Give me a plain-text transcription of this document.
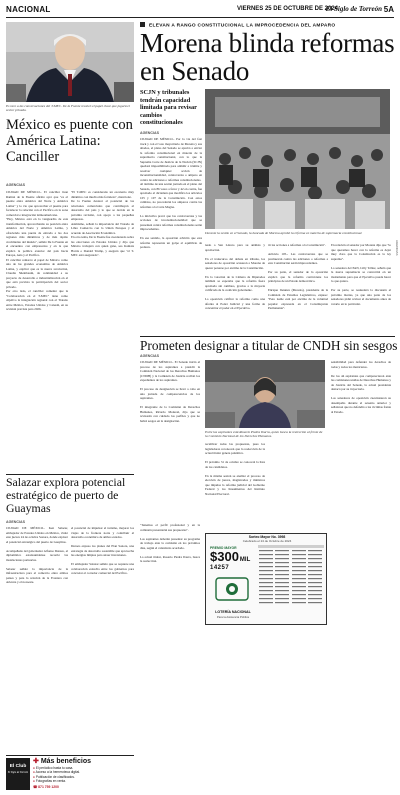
NACIONAL	VIERNES 25 DE OCTUBRE DE 2024
El Siglo de Torreón 5A
Es raro a las conversaciones del T-MEC. De la Fuente recalcó el papel clave que jugará el sector privado.
México es puente con América Latina: Canciller
AGENCIAS

CIUDAD DE MÉXICO.- El canciller Juan Ramón de la Fuente afirmó ayer que "es el puente entre América del Norte y América Latina" y lo vio que aprovechar el puente para fortalecer la relación con el Pacífico en la zona comercial e integración latinoamericana.

"Hoy, México está en la vanguardia de esta transformación, aprovechando su posición entre América del Norte y América Latina, y ofreciendo una puerta de entrada a las dos regiones más dinámicas y de más rápido crecimiento del mundo", señaló De la Fuente en el encuentro con empresarios y en la que explicó la política exterior del país hacia Europa, Asia y el Pacífico.

El canciller remarcó el papel de México como una de las grandes economías de América Latina, y explicó que es la nueva revolución, Claudia Sheinbaum, da continuidad a su proyecto de desarrollo e industrialización en el que está prevista la participación del sector privado.

Por otro lado, el canciller comentó que la "Colaboración en el T-MEC" tiene como objetivo la integración regional con el Tratado entre México, Estados Unidos y Canadá, en su revisión prevista para 2026.

"El T-MEC es considerado un escenario muy dinámico con mucha más fortaleza", mencionó.

De la Fuente destacó el potencial de las relaciones comerciales que contribuyen al desarrollo del país y lo que se decida en la próxima revisión, con apoyo a las pequeñas empresas.

Asimismo, señaló la importancia del Tratado de Libre Comercio con la Unión Europea y el acuerdo de Asociación Económica.

En otro tema, De la Fuente fue cuestionado sobre las elecciones en Estados Unidos y dijo que México trabajará con quien gane, sea Kamala Harris o Donald Trump, y aseguró que "el T-MEC está asegurado".

ELEVAN A RANGO CONSTITUCIONAL LA IMPROCEDENCIA DEL AMPARO
Morena blinda reformas en Senado
SCJN y tribunales tendrán capacidad limitada para revisar cambios constitucionales
AGENCIAS

CIUDAD DE MÉXICO.- Por la vía del fast track y con el voto mayoritario de Morena y sus aliados, el pleno del Senado se aprobó a enviar la reforma constitucional en materia de la supremacía constitucional, con lo que la Suprema Corte de Justicia de la Nación (SCJN) quedará imposibilitada para admitir a trámite y resolver cualquier acción de inconstitucionalidad, controversia o amparo en contra de adiciones o reformas constitucionales.

Al término de una sesión jornada en el pleno del Senado, con 86 votos a favor y 42 en contra, fue aprobado el dictamen que modifica los artículos 105 y 107 de la Constitución. Con estos cambios, no procederán los amparos contra las reformas a la Carta Magna.

La iniciativa prevé que las controversias y las acciones de inconstitucionalidad que se presenten contra reformas constitucionales serán improcedentes.

En ese sentido, la oposición advirtió que esta reforma representa un golpe al equilibrio de poderes.

Durante la sesión en el Senado, la bancada de Morena aprobó la reforma en materia de supremacía constitucional.
AGENCIAS
nado a San Lázaro para su análisis y aprobación.

En el transcurso del debate en tribuna, los senadores de oposición acusaron a Morena de querer ponerse por encima de la Constitución.

En la votación de la Cámara de Diputados también se esperaba que la reforma fuera aprobada sin cambios, gracias a la mayoría calificada de la coalición gobernante.

La oposición calificó la reforma como una afrenta al Poder Judicial y una forma de concentrar el poder en el Ejecutivo.
tir las acciones a reformas a la Constitución".

Articulo 105.- Las controversias que se promuevan contra las adiciones o reformas a esta Constitución serán improcedentes.

Por su parte, el senador de la oposición explicó que la reforma contraviene los principios de un Estado democrático.

Enrique Inzunza (Morena), presidente de la Comisión de Estudios Legislativos, expuso: "Pero nadie está por encima de la voluntad popular expresada en el Constituyente Permanente".
En relación al senador por Morena dijo que "lo que queremos hacer con la reforma es dejar muy claro que la Constitución es la ley suprema".

La senadora del PAN, Lilly Téllez, señaló que la nueva supremacía se convertirá en un instrumento para que el Ejecutivo pueda hacer lo que quiera.

Por su parte, se reanudará la discusión el próximo martes, ya que una parte de los senadores pidió revisar el documento antes de votarlo en lo particular.
Prometen designar a titular de CNDH sin sesgos
AGENCIAS
CIUDAD DE MÉXICO.- El Senado inició el proceso de los aspirantes a presidir la Comisión Nacional de los Derechos Humanos (CNDH) y la Comisión de Justicia recibió los expedientes de los aspirantes.

El proceso de designación se llevó a cabo en una jornada de comparecencias de los aspirantes.

El integrante de la Comisión de Derechos Humanos, Ricardo Monreal, dijo que se revisarán con cuidado los perfiles y que no habrá sesgos en la designación.
"Tenemos el perfil profesional y en la comisión presentarán sus propuestas".

Los aspirantes deberán presentar su programa de trabajo ante la comisión en los próximos días, según el calendario acordado.

La actual titular, Rosario Piedra Ibarra, busca la reelección.
Entre las aspirantes está Rosario Piedra Ibarra, quien busca la reelección al frente de la Comisión Nacional de los Derechos Humanos.
recalibrar todas las propuestas, pues los legisladores reconocen que la reelección de la actual titular genera polémica.

El próximo 31 de octubre se conocerá la lista de los candidatos.

En la misma sesión se analizó el proceso de elección de jueces, magistrados y ministros que impulsa la reforma judicial del Gobierno Federal y los lineamientos del Instituto Nacional Electoral.
sensibilidad para defender los derechos de todas y todos los mexicanos.

De los 44 aspirantes que comparecieron ante las comisiones unidas de Derechos Humanos y de Justicia del Senado, la actual presidenta destacó por su trayectoria.

Los senadores de oposición cuestionaron su desempeño durante el sexenio anterior y señalaron que no defendió a las víctimas frente al Estado.
Sorteo Mayor No. 3998
Celebrado el 24 de Octubre de 2024
PREMIO MAYOR
$300MIL
14257
LOTERÍA NACIONAL
Para la Asistencia Pública
Salazar explora potencial estratégico de puerto de Guaymas
AGENCIAS
CIUDAD DE MÉXICO.- Ken Salazar, embajador de Estados Unidos en México, visitó este jueves 24 de octubre Sonora, donde exploró el potencial estratégico del puerto de Guaymas.

Acompañado del gobernador Alfonso Durazo, el diplomático estadounidense recorrió las instalaciones portuarias.

Salazar señaló la importancia de la infraestructura para el comercio entre ambos países y para la relación de la Frontera con Arizona y el noroeste.
el potencial de impulsar el turismo, mejorar los viajes de la frontera norte y contribuir al desarrollo económico de ambos estados.

Durazo expuso los planes del Plan Sonora, una estrategia de desarrollo sostenible que aprovecha las energías limpias para atraer inversiones.

El embajador Salazar señaló que se requiere una colaboración estrecha entre los gobiernos para concretar el corredor comercial del Pacífico.
El Club
El Siglo de Torreón
✚ Más beneficios
● El periódico hasta tu casa.
● Acceso a la hemeroteca digital.
● Publicación de clasificados.
● Fotografías en venta.
☎ 871 759 1200
